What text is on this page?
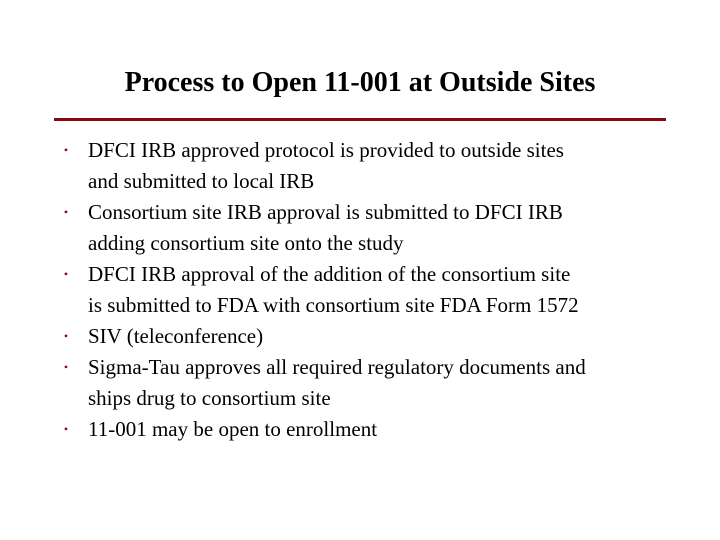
Process to Open 11-001 at Outside Sites
• DFCI IRB approved protocol is provided to outside sites
and submitted to local IRB
• Consortium site IRB approval is submitted to DFCI IRB
adding consortium site onto the study
• DFCI IRB approval of the addition of the consortium site
is submitted to FDA with consortium site FDA Form 1572
• SIV (teleconference)
• Sigma-Tau approves all required regulatory documents and
ships drug to consortium site
• 11-001 may be open to enrollment
